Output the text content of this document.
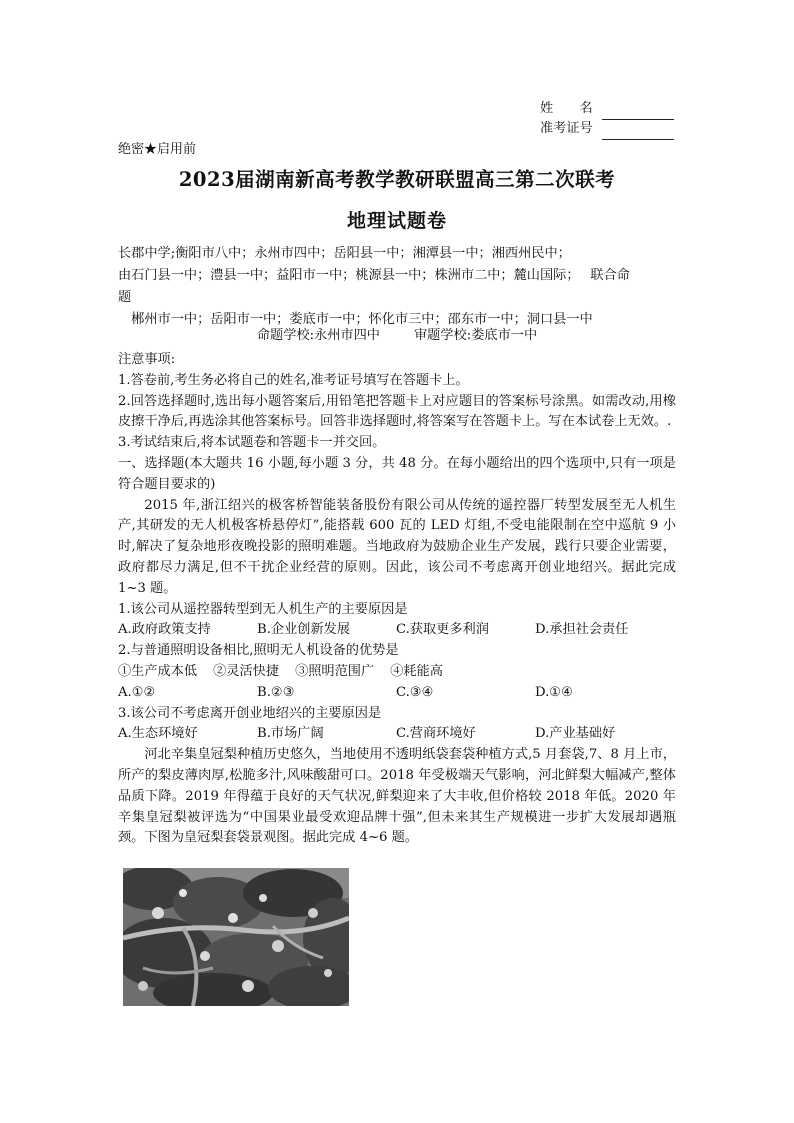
姓　　名
准考证号
绝密★启用前
2023届湖南新高考教学教研联盟高三第二次联考
地理试题卷
长郡中学;衡阳市八中；永州市四中；岳阳县一中；湘潭县一中；湘西州民中；
由石门县一中；澧县一中；益阳市一中；桃源县一中；株洲市二中；麓山国际；　 联合命
题
　郴州市一中；岳阳市一中；娄底市一中；怀化市三中；邵东市一中；洞口县一中
命题学校:永州市四中	审题学校:娄底市一中

注意事项:

1.答卷前,考生务必将自己的姓名,准考证号填写在答题卡上。

2.回答选择题时,选出每小题答案后,用铅笔把答题卡上对应题目的答案标号涂黑。如需改动,用橡皮擦干净后,再选涂其他答案标号。回答非选择题时,将答案写在答题卡上。写在本试卷上无效。.

3.考试结束后,将本试题卷和答题卡一并交回。

一、选择题(本大题共 16 小题,每小题 3 分，共 48 分。在每小题给出的四个选项中,只有一项是符合题目要求的)

2015 年,浙江绍兴的极客桥智能装备股份有限公司从传统的遥控器厂转型发展至无人机生产,其研发的无人机极客桥悬停灯”,能搭载 600 瓦的 LED 灯组,不受电能限制在空中巡航 9 小时,解决了复杂地形夜晚投影的照明难题。当地政府为鼓励企业生产发展，践行只要企业需要，政府都尽力满足,但不干扰企业经营的原则。因此，该公司不考虑离开创业地绍兴。据此完成 1~3 题。

1.该公司从遥控器转型到无人机生产的主要原因是

A.政府政策支持	B.企业创新发展	C.获取更多利润	D.承担社会责任

2.与普通照明设备相比,照明无人机设备的优势是

①生产成本低 ②灵活快捷 ③照明范围广 ④耗能高
A.①②	B.②③	C.③④	D.①④

3.该公司不考虑离开创业地绍兴的主要原因是

A.生态环境好	B.市场广阔	C.营商环境好	D.产业基础好

河北辛集皇冠梨种植历史悠久，当地使用不透明纸袋套袋种植方式,5 月套袋,7、8 月上市，所产的梨皮薄肉厚,松脆多汁,风味酸甜可口。2018 年受极端天气影响，河北鲜梨大幅减产,整体品质下降。2019 年得蕴于良好的天气状况,鲜梨迎来了大丰收,但价格较 2018 年低。2020 年辛集皇冠梨被评选为“中国果业最受欢迎品牌十强”,但未来其生产规模进一步扩大发展却遇瓶颈。下图为皇冠梨套袋景观图。据此完成 4~6 题。
